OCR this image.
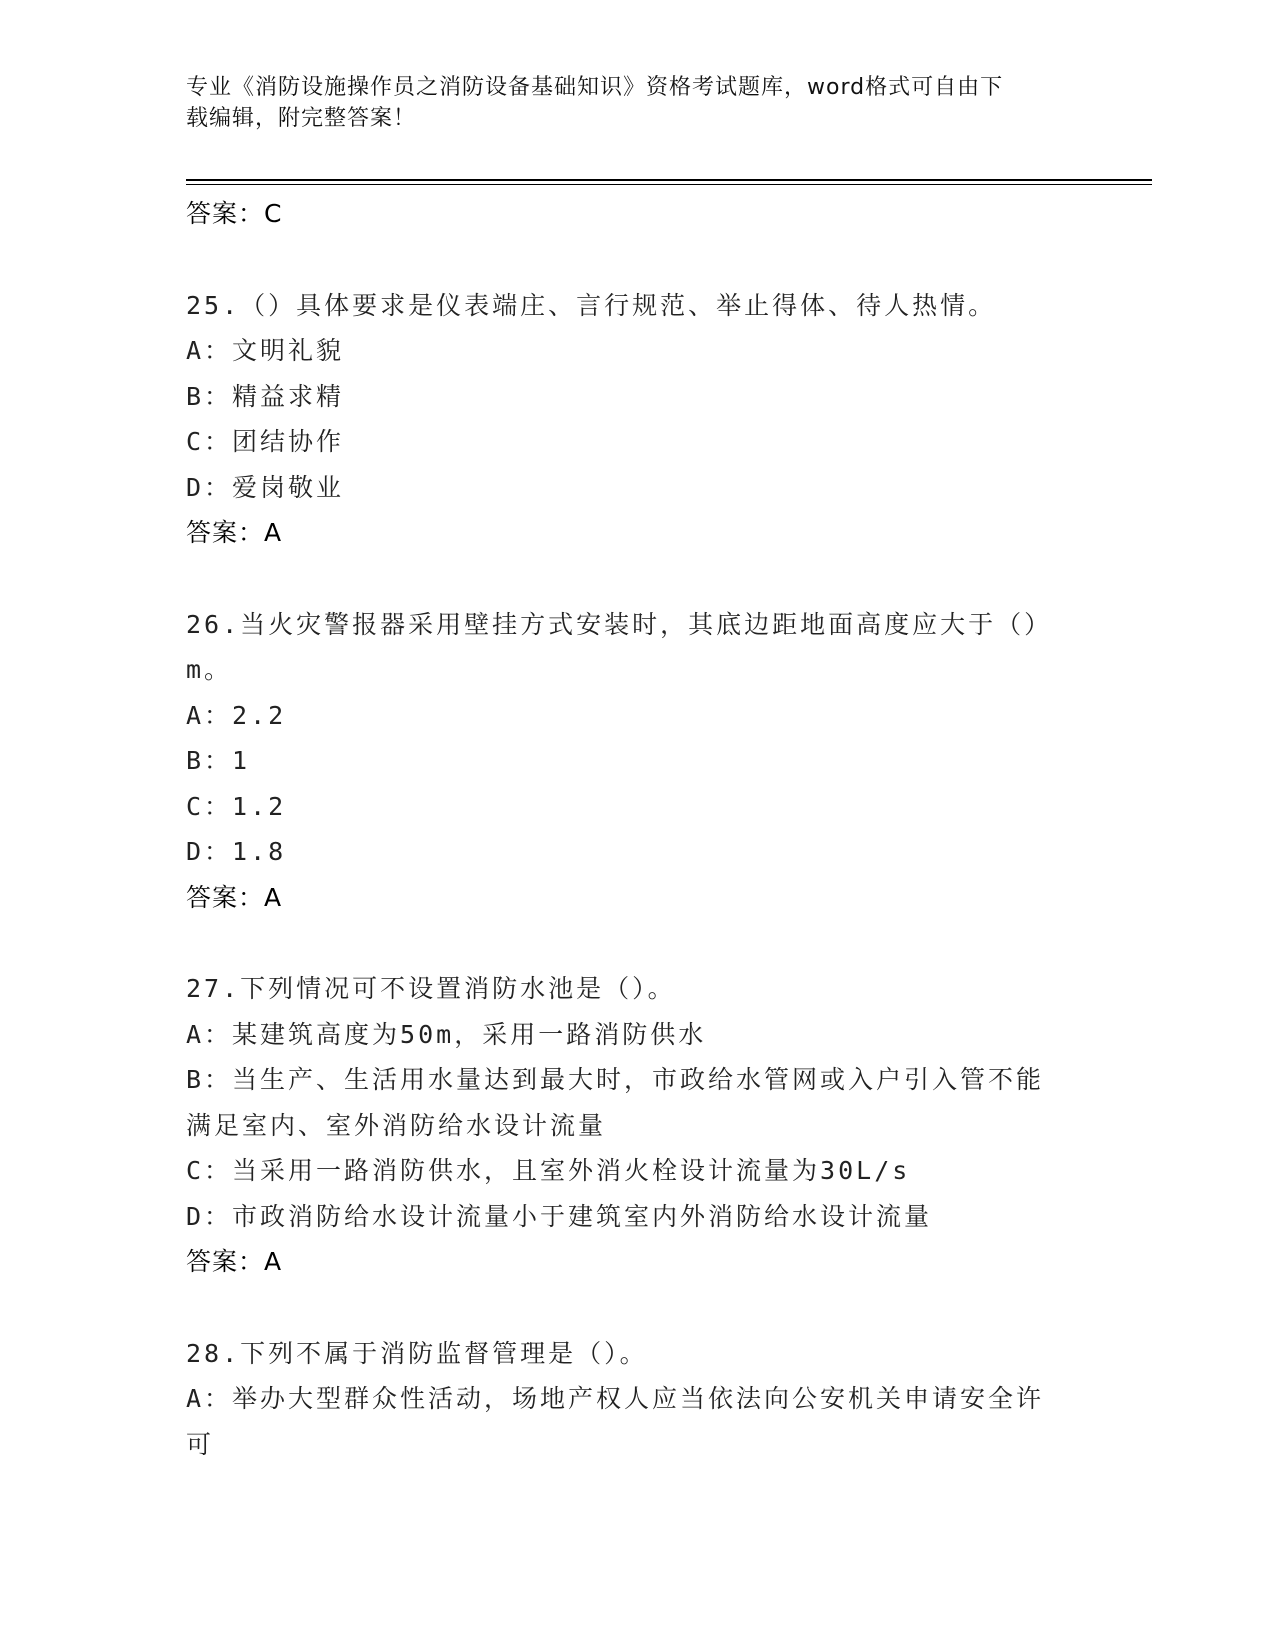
专业《消防设施操作员之消防设备基础知识》资格考试题库，word格式可自由下
载编辑，附完整答案！
答案：C
25.（）具体要求是仪表端庄、言行规范、举止得体、待人热情。
A：文明礼貌
B：精益求精
C：团结协作
D：爱岗敬业
答案：A
26.当火灾警报器采用壁挂方式安装时，其底边距地面高度应大于（）
m。
A：2.2
B：1
C：1.2
D：1.8
答案：A
27.下列情况可不设置消防水池是（）。
A：某建筑高度为50m，采用一路消防供水
B：当生产、生活用水量达到最大时，市政给水管网或入户引入管不能
满足室内、室外消防给水设计流量
C：当采用一路消防供水，且室外消火栓设计流量为30L/s
D：市政消防给水设计流量小于建筑室内外消防给水设计流量
答案：A
28.下列不属于消防监督管理是（）。
A：举办大型群众性活动，场地产权人应当依法向公安机关申请安全许
可
